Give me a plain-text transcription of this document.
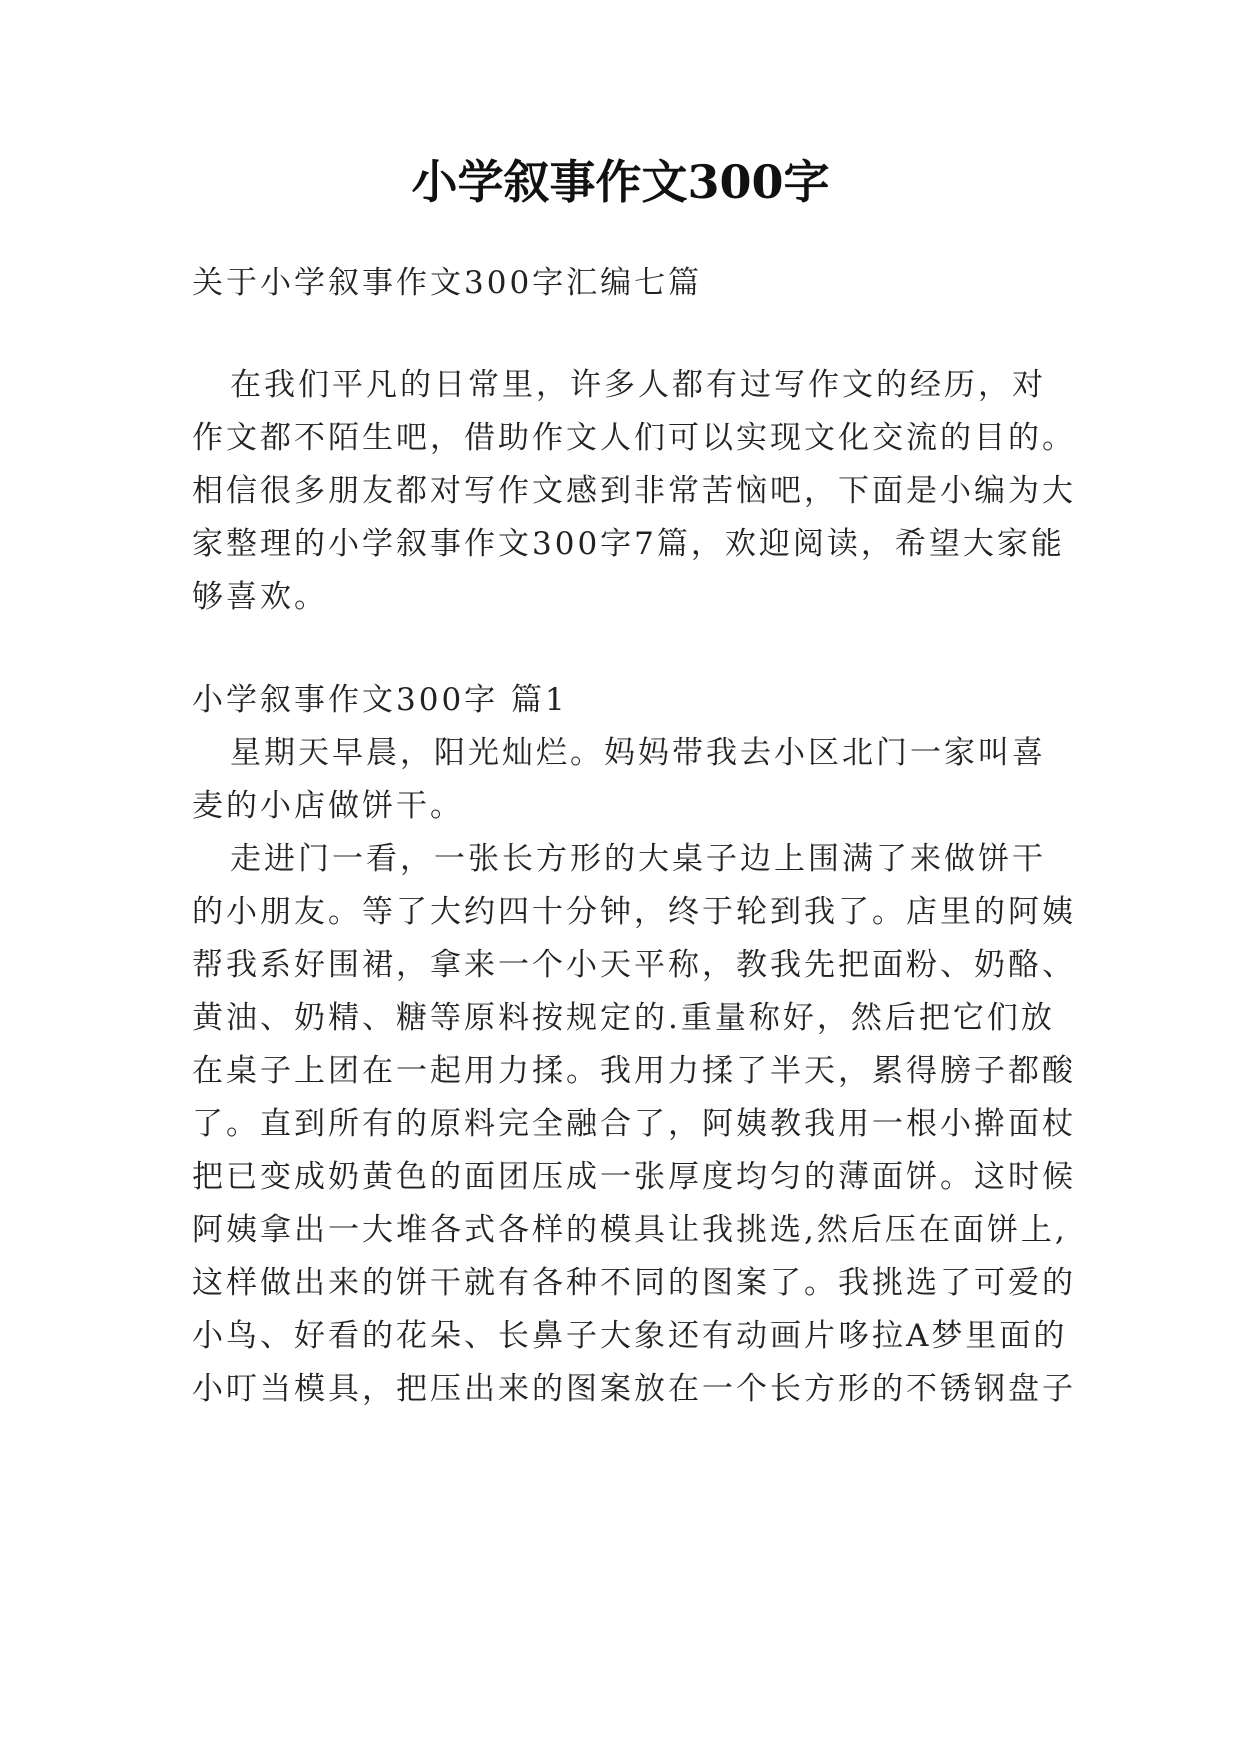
小学叙事作文300字

关于小学叙事作文300字汇编七篇

在我们平凡的日常里，许多人都有过写作文的经历，对

作文都不陌生吧，借助作文人们可以实现文化交流的目的。

相信很多朋友都对写作文感到非常苦恼吧，下面是小编为大

家整理的小学叙事作文300字7篇，欢迎阅读，希望大家能

够喜欢。

小学叙事作文300字 篇1

星期天早晨，阳光灿烂。妈妈带我去小区北门一家叫喜

麦的小店做饼干。

走进门一看，一张长方形的大桌子边上围满了来做饼干

的小朋友。等了大约四十分钟，终于轮到我了。店里的阿姨

帮我系好围裙，拿来一个小天平称，教我先把面粉、奶酪、

黄油、奶精、糖等原料按规定的.重量称好，然后把它们放

在桌子上团在一起用力揉。我用力揉了半天，累得膀子都酸

了。直到所有的原料完全融合了，阿姨教我用一根小擀面杖

把已变成奶黄色的面团压成一张厚度均匀的薄面饼。这时候

阿姨拿出一大堆各式各样的模具让我挑选,然后压在面饼上,

这样做出来的饼干就有各种不同的图案了。我挑选了可爱的

小鸟、好看的花朵、长鼻子大象还有动画片哆拉A梦里面的

小叮当模具，把压出来的图案放在一个长方形的不锈钢盘子
